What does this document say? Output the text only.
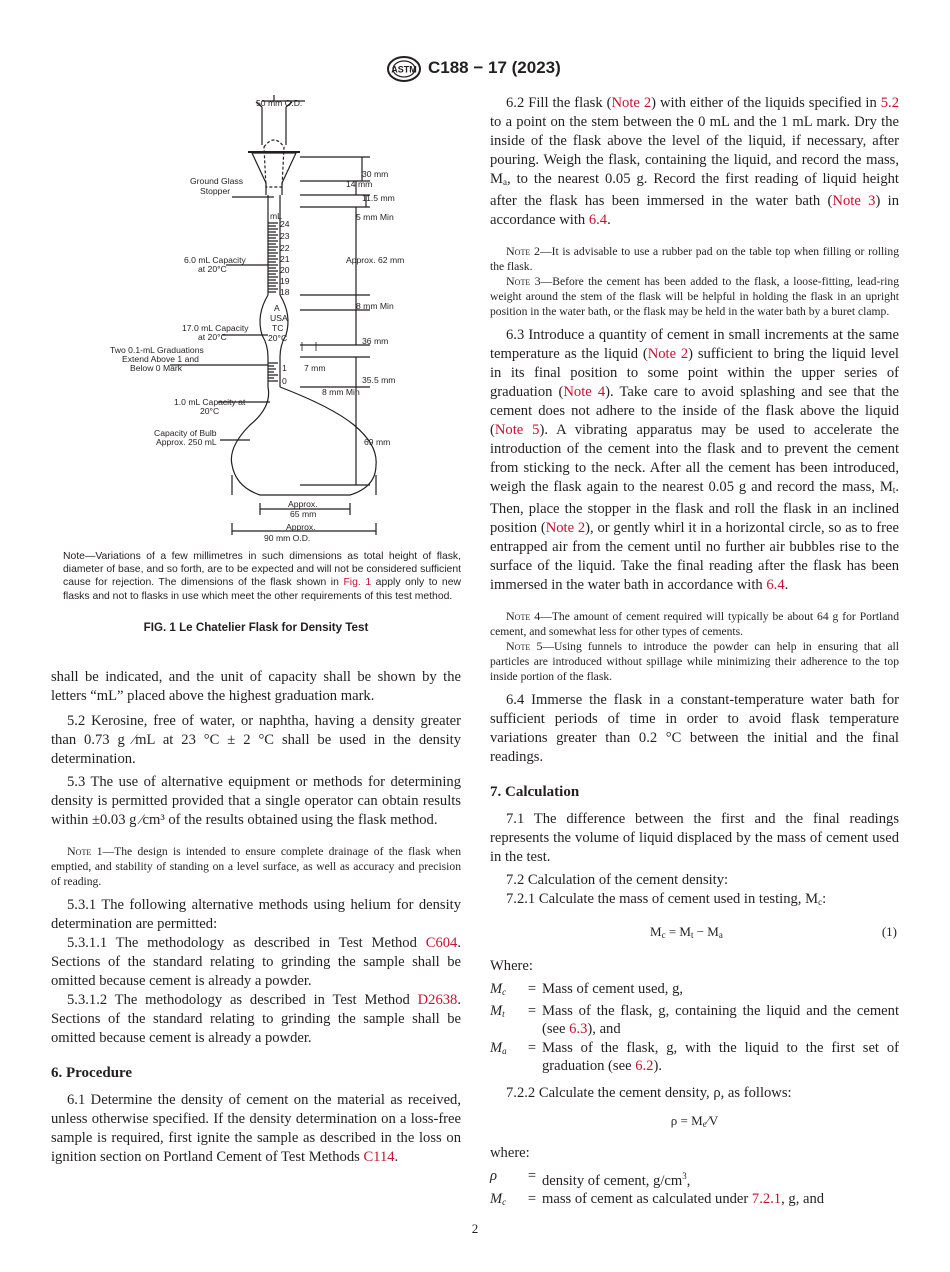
ASTM C188 − 17 (2023)
50 mm O.D.
Ground Glass
Stopper
mL
6.0 mL Capacity
at 20°C
17.0 mL Capacity
at 20°C
Two 0.1-mL Graduations
Extend Above 1 and
Below 0 Mark
1.0 mL Capacity at
20°C
Capacity of Bulb
Approx. 250 mL
A
USA
TC
20°C
24
23
22
21
20
19
18
1
0
30 mm
14 mm
11.5 mm
5 mm Min
Approx. 62 mm
8 mm Min
36 mm
7 mm
35.5 mm
8 mm Min
69 mm
Approx.
65 mm
Approx.
90 mm O.D.
Note—Variations of a few millimetres in such dimensions as total height of flask, diameter of base, and so forth, are to be expected and will not be considered sufficient cause for rejection. The dimensions of the flask shown in Fig. 1 apply only to new flasks and not to flasks in use which meet the other requirements of this test method.
FIG. 1 Le Chatelier Flask for Density Test

shall be indicated, and the unit of capacity shall be shown by the letters “mL” placed above the highest graduation mark.

5.2 Kerosine, free of water, or naphtha, having a density greater than 0.73 g ⁄mL at 23 °C ± 2 °C shall be used in the density determination.

5.3 The use of alternative equipment or methods for determining density is permitted provided that a single operator can obtain results within ±0.03 g ⁄cm³ of the results obtained using the flask method.

Note 1—The design is intended to ensure complete drainage of the flask when emptied, and stability of standing on a level surface, as well as accuracy and precision of reading.

5.3.1 The following alternative methods using helium for density determination are permitted:

5.3.1.1 The methodology as described in Test Method C604. Sections of the standard relating to grinding the sample shall be omitted because cement is already a powder.

5.3.1.2 The methodology as described in Test Method D2638. Sections of the standard relating to grinding the sample shall be omitted because cement is already a powder.

6. Procedure

6.1 Determine the density of cement on the material as received, unless otherwise specified. If the density determination on a loss-free sample is required, first ignite the sample as described in the loss on ignition section on Portland Cement of Test Methods C114.

6.2 Fill the flask (Note 2) with either of the liquids specified in 5.2 to a point on the stem between the 0 mL and the 1 mL mark. Dry the inside of the flask above the level of the liquid, if necessary, after pouring. Weigh the flask, containing the liquid, and record the mass, $M_a$, to the nearest 0.05 g. Record the first reading of liquid height after the flask has been immersed in the water bath (Note 3) in accordance with 6.4.

Note 2—It is advisable to use a rubber pad on the table top when filling or rolling the flask.

Note 3—Before the cement has been added to the flask, a loose-fitting, lead-ring weight around the stem of the flask will be helpful in holding the flask in an upright position in the water bath, or the flask may be held in the water bath by a buret clamp.

6.3 Introduce a quantity of cement in small increments at the same temperature as the liquid (Note 2) sufficient to bring the liquid level in its final position to some point within the upper series of graduation (Note 4). Take care to avoid splashing and see that the cement does not adhere to the inside of the flask above the liquid (Note 5). A vibrating apparatus may be used to accelerate the introduction of the cement into the flask and to prevent the cement from sticking to the neck. After all the cement has been introduced, weigh the flask again to the nearest 0.05 g and record the mass, $M_t$. Then, place the stopper in the flask and roll the flask in an inclined position (Note 2), or gently whirl it in a horizontal circle, so as to free entrapped air from the cement until no further air bubbles rise to the surface of the liquid. Take the final reading after the flask has been immersed in the water bath in accordance with 6.4.

Note 4—The amount of cement required will typically be about 64 g for Portland cement, and somewhat less for other types of cements.

Note 5—Using funnels to introduce the powder can help in ensuring that all particles are introduced without spillage while minimizing their adherence to the top inside portion of the flask.

6.4 Immerse the flask in a constant-temperature water bath for sufficient periods of time in order to avoid flask temperature variations greater than 0.2 °C between the initial and the final readings.

7. Calculation

7.1 The difference between the first and the final readings represents the volume of liquid displaced by the mass of cement used in the test.

7.2 Calculation of the cement density:

7.2.1 Calculate the mass of cement used in testing, $M_c$:

$M_c = M_t - M_a$	(1)

Where:

$M_c$	= Mass of cement used, g,
$M_t$	= Mass of the flask, g, containing the liquid and the cement (see 6.3), and
$M_a$	= Mass of the flask, g, with the liquid to the first set of graduation (see 6.2).

7.2.2 Calculate the cement density, ρ, as follows:

$\rho = M_c⁄V$

where:

ρ	= density of cement, $g/cm^3$,
$M_c$	= mass of cement as calculated under 7.2.1, g, and
2
